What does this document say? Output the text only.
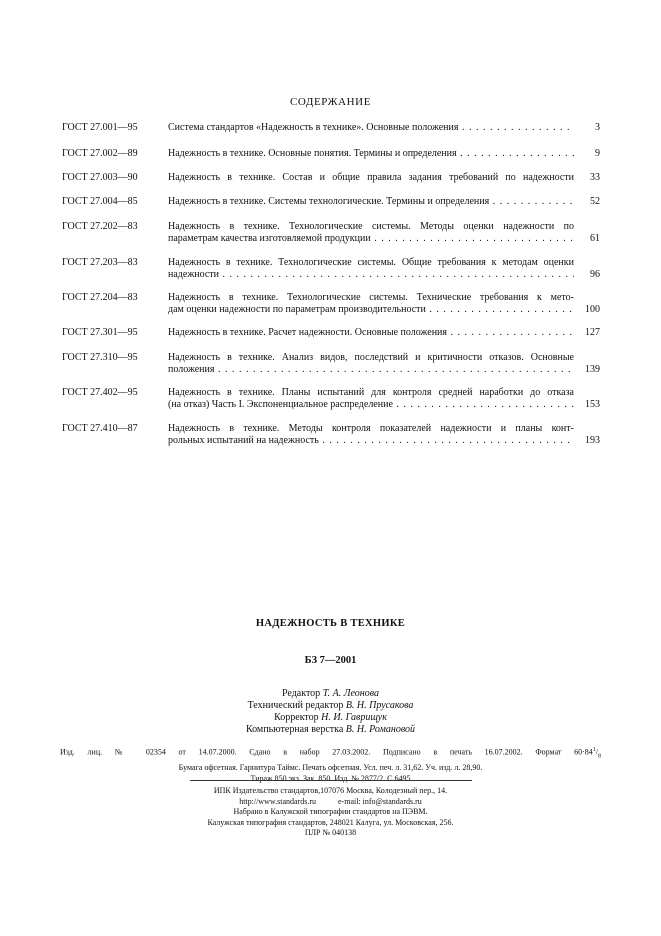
СОДЕРЖАНИЕ
ГОСТ 27.001—95	Система стандартов «Надежность в технике». Основные положения . .	3
ГОСТ 27.002—89	Надежность в технике. Основные понятия. Термины и определения . .	9
ГОСТ 27.003—90	Надежность в технике. Состав и общие правила задания требований по надежности 33
ГОСТ 27.004—85	Надежность в технике. Системы технологические. Термины и определения . .	52
ГОСТ 27.202—83	Надежность в технике. Технологические системы. Методы оценки надежности по
параметрам качества изготовляемой продукции . .	61
ГОСТ 27.203—83	Надежность в технике. Технологические системы. Общие требования к методам оценки
надежности . .	96
ГОСТ 27.204—83	Надежность в технике. Технологические системы. Технические требования к мето-
дам оценки надежности по параметрам производительности . .	100
ГОСТ 27.301—95	Надежность в технике. Расчет надежности. Основные положения . .	127
ГОСТ 27.310—95	Надежность в технике. Анализ видов, последствий и критичности отказов. Основные
положения . .	139
ГОСТ 27.402—95	Надежность в технике. Планы испытаний для контроля средней наработки до отказа
(на отказ) Часть I. Экспоненциальное распределение . .	153
ГОСТ 27.410—87	Надежность в технике. Методы контроля показателей надежности и планы конт-
рольных испытаний на надежность . .	193
НАДЕЖНОСТЬ В ТЕХНИКЕ
БЗ 7—2001
Редактор Т. А. Леонова
Технический редактор В. Н. Прусакова
Корректор Н. И. Гаврищук
Компьютерная верстка В. Н. Романовой
Изд. лиц. № 02354 от 14.07.2000. Сдано в набор 27.03.2002. Подписано в печать 16.07.2002. Формат $60\cdot 84^1/_8$
Бумага офсетная. Гарнитура Таймс. Печать офсетная. Усл. печ. л. 31,62. Уч. изд. л. 28,90.
Тираж 850 экз. Зак. 850. Изд. № 2877/2. С 6495
ИПК Издательство стандартов,107076 Москва, Колодезный пер., 14.
http://www.standards.ru	e-mail: info@standards.ru
Набрано в Калужской типографии стандартов на ПЭВМ.
Калужская типография стандартов, 248021 Калуга, ул. Московская, 256.
ПЛР № 040138
